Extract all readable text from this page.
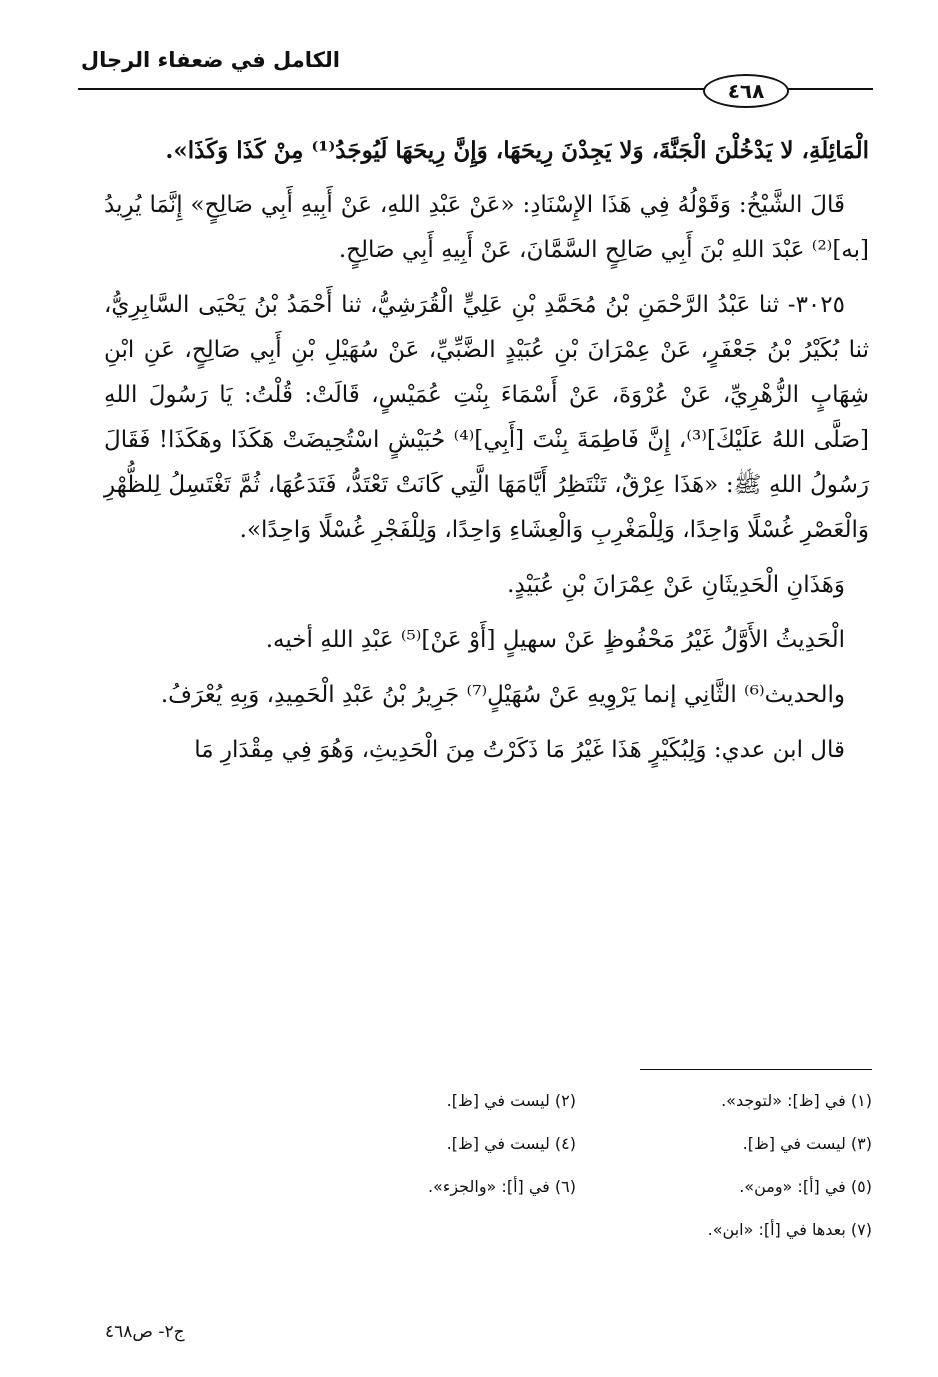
الكامل في ضعفاء الرجال
٤٦٨

الْمَائِلَةِ، لا يَدْخُلْنَ الْجَنَّةَ، وَلا يَجِدْنَ رِيحَهَا، وَإِنَّ رِيحَهَا لَيُوجَدُ⁽¹⁾ مِنْ كَذَا وَكَذَا».

قَالَ الشَّيْخُ: وَقَوْلُهُ فِي هَذَا الإِسْنَادِ: «عَنْ عَبْدِ اللهِ، عَنْ أَبِيهِ أَبِي صَالِحٍ» إِنَّمَا يُرِيدُ [به]⁽²⁾ عَبْدَ اللهِ بْنَ أَبِي صَالِحٍ السَّمَّانَ، عَنْ أَبِيهِ أَبِي صَالِحٍ.

٣٠٢٥- ثنا عَبْدُ الرَّحْمَنِ بْنُ مُحَمَّدِ بْنِ عَلِيٍّ الْقُرَشِيُّ، ثنا أَحْمَدُ بْنُ يَحْيَى السَّابِرِيُّ، ثنا بُكَيْرُ بْنُ جَعْفَرٍ، عَنْ عِمْرَانَ بْنِ عُبَيْدٍ الضَّبِّيِّ، عَنْ سُهَيْلِ بْنِ أَبِي صَالِحٍ، عَنِ ابْنِ شِهَابٍ الزُّهْرِيِّ، عَنْ عُرْوَةَ، عَنْ أَسْمَاءَ بِنْتِ عُمَيْسٍ، قَالَتْ: قُلْتُ: يَا رَسُولَ اللهِ [صَلَّى اللهُ عَلَيْكَ]⁽³⁾، إِنَّ فَاطِمَةَ بِنْتَ [أَبِي]⁽⁴⁾ حُبَيْشٍ اسْتُحِيضَتْ هَكَذَا وهَكَذَا! فَقَالَ رَسُولُ اللهِ ﷺ: «هَذَا عِرْقٌ، تَنْتَظِرُ أَيَّامَهَا الَّتِي كَانَتْ تَعْتَدُّ، فَتَدَعُهَا، ثُمَّ تَغْتَسِلُ لِلظُّهْرِ وَالْعَصْرِ غُسْلًا وَاحِدًا، وَلِلْمَغْرِبِ وَالْعِشَاءِ وَاحِدًا، وَلِلْفَجْرِ غُسْلًا وَاحِدًا».

وَهَذَانِ الْحَدِيثَانِ عَنْ عِمْرَانَ بْنِ عُبَيْدٍ.

الْحَدِيثُ الأَوَّلُ غَيْرُ مَحْفُوظٍ عَنْ سهيلٍ [أَوْ عَنْ]⁽⁵⁾ عَبْدِ اللهِ أخيه.

والحديث⁽⁶⁾ الثَّانِي إنما يَرْوِيهِ عَنْ سُهَيْلٍ⁽⁷⁾ جَرِيرُ بْنُ عَبْدِ الْحَمِيدِ، وَبِهِ يُعْرَفُ.

قال ابن عدي: وَلِبُكَيْرٍ هَذَا غَيْرُ مَا ذَكَرْتُ مِنَ الْحَدِيثِ، وَهُوَ فِي مِقْدَارِ مَا

(١) في [ظ]: «لتوجد».
(٢) ليست في [ظ].
(٣) ليست في [ظ].
(٤) ليست في [ظ].
(٥) في [أ]: «ومن».
(٦) في [أ]: «والجزء».
(٧) بعدها في [أ]: «ابن».
ج٢- ص٤٦٨
